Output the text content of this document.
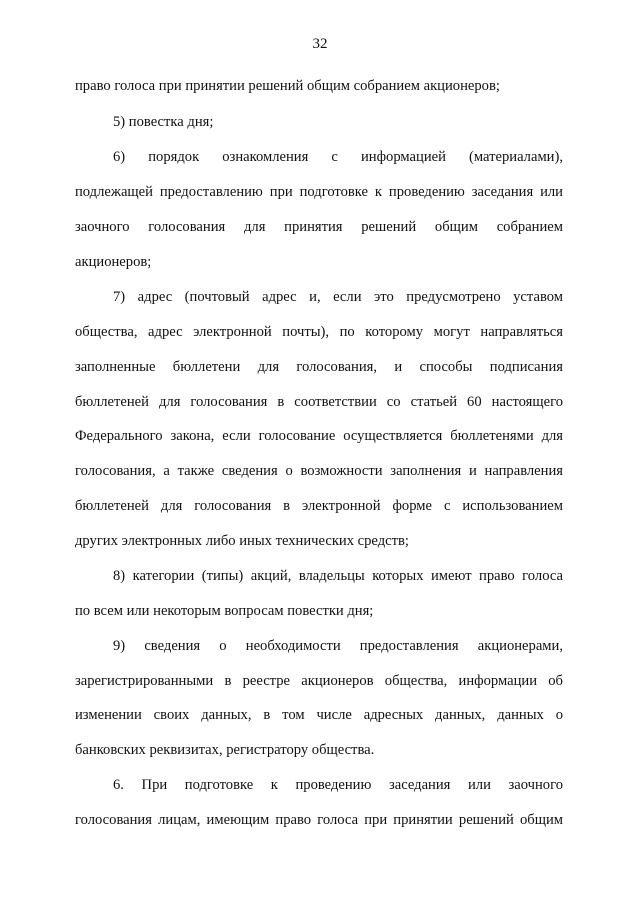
32
право голоса при принятии решений общим собранием акционеров;
5) повестка дня;
6) порядок ознакомления с информацией (материалами),
подлежащей предоставлению при подготовке к проведению заседания или
заочного голосования для принятия решений общим собранием
акционеров;
7) адрес (почтовый адрес и, если это предусмотрено уставом
общества, адрес электронной почты), по которому могут направляться
заполненные бюллетени для голосования, и способы подписания
бюллетеней для голосования в соответствии со статьей 60 настоящего
Федерального закона, если голосование осуществляется бюллетенями для
голосования, а также сведения о возможности заполнения и направления
бюллетеней для голосования в электронной форме с использованием
других электронных либо иных технических средств;
8) категории (типы) акций, владельцы которых имеют право голоса
по всем или некоторым вопросам повестки дня;
9) сведения о необходимости предоставления акционерами,
зарегистрированными в реестре акционеров общества, информации об
изменении своих данных, в том числе адресных данных, данных о
банковских реквизитах, регистратору общества.
6. При подготовке к проведению заседания или заочного
голосования лицам, имеющим право голоса при принятии решений общим
